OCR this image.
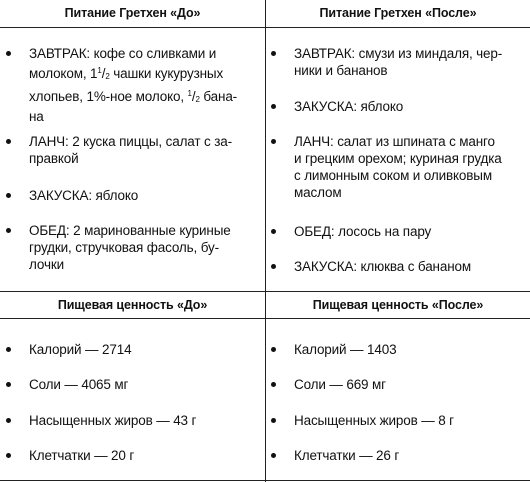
Питание Гретхен «До»	Питание Гретхен «После»
ЗАВТРАК: кофе со сливками и
молоком, $1^1/_2$ чашки кукурузных
хлопьев, 1%-ное молоко, $^1/_2$ бана-
на
ЛАНЧ: 2 куска пиццы, салат с за-
правкой
ЗАКУСКА: яблоко
ОБЕД: 2 маринованные куриные
грудки, стручковая фасоль, бу-
лочки
ЗАВТРАК: смузи из миндаля, чер-
ники и бананов
ЗАКУСКА: яблоко
ЛАНЧ: салат из шпината с манго
и грецким орехом; куриная грудка
с лимонным соком и оливковым
маслом
ОБЕД: лосось на пару
ЗАКУСКА: клюква с бананом
Пищевая ценность «До»	Пищевая ценность «После»
Калорий — 2714
Соли — 4065 мг
Насыщенных жиров — 43 г
Клетчатки — 20 г
Калорий — 1403
Соли — 669 мг
Насыщенных жиров — 8 г
Клетчатки — 26 г
